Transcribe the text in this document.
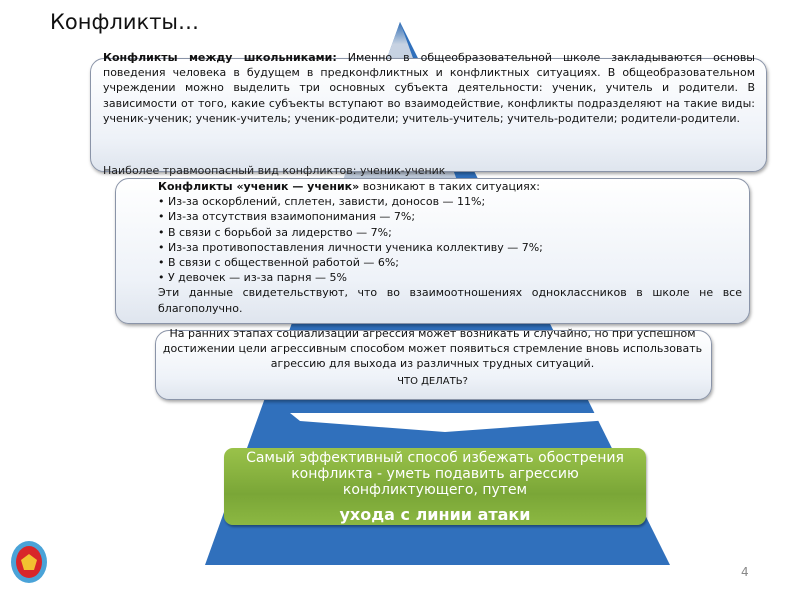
Конфликты…
Конфликты между школьниками: Именно в общеобразовательной школе закладываются основы поведения человека в будущем в предконфликтных и конфликтных ситуациях. В общеобразовательном учреждении можно выделить три основных субъекта деятельности: ученик, учитель и родители. В зависимости от того, какие субъекты вступают во взаимодействие, конфликты подразделяют на такие виды: ученик-ученик; ученик-учитель; ученик-родители; учитель-учитель; учитель-родители; родители-родители.
Наиболее травмоопасный вид конфликтов: ученик-ученик
Конфликты «ученик — ученик» возникают в таких ситуациях:
• Из-за оскорблений, сплетен, зависти, доносов — 11%;
• Из-за отсутствия взаимопонимания — 7%;
• В связи с борьбой за лидерство — 7%;
• Из-за противопоставления личности ученика коллективу — 7%;
• В связи с общественной работой — 6%;
• У девочек — из-за парня — 5%
Эти данные свидетельствуют, что во взаимоотношениях одноклассников в школе не все благополучно.
На ранних этапах социализации агрессия может возникать и случайно, но при успешном достижении цели агрессивным способом может появиться стремление вновь использовать агрессию для выхода из различных трудных ситуаций.
ЧТО ДЕЛАТЬ?
Самый эффективный способ избежать обострения конфликта - уметь подавить агрессию конфликтующего, путем
ухода с линии атаки
4
